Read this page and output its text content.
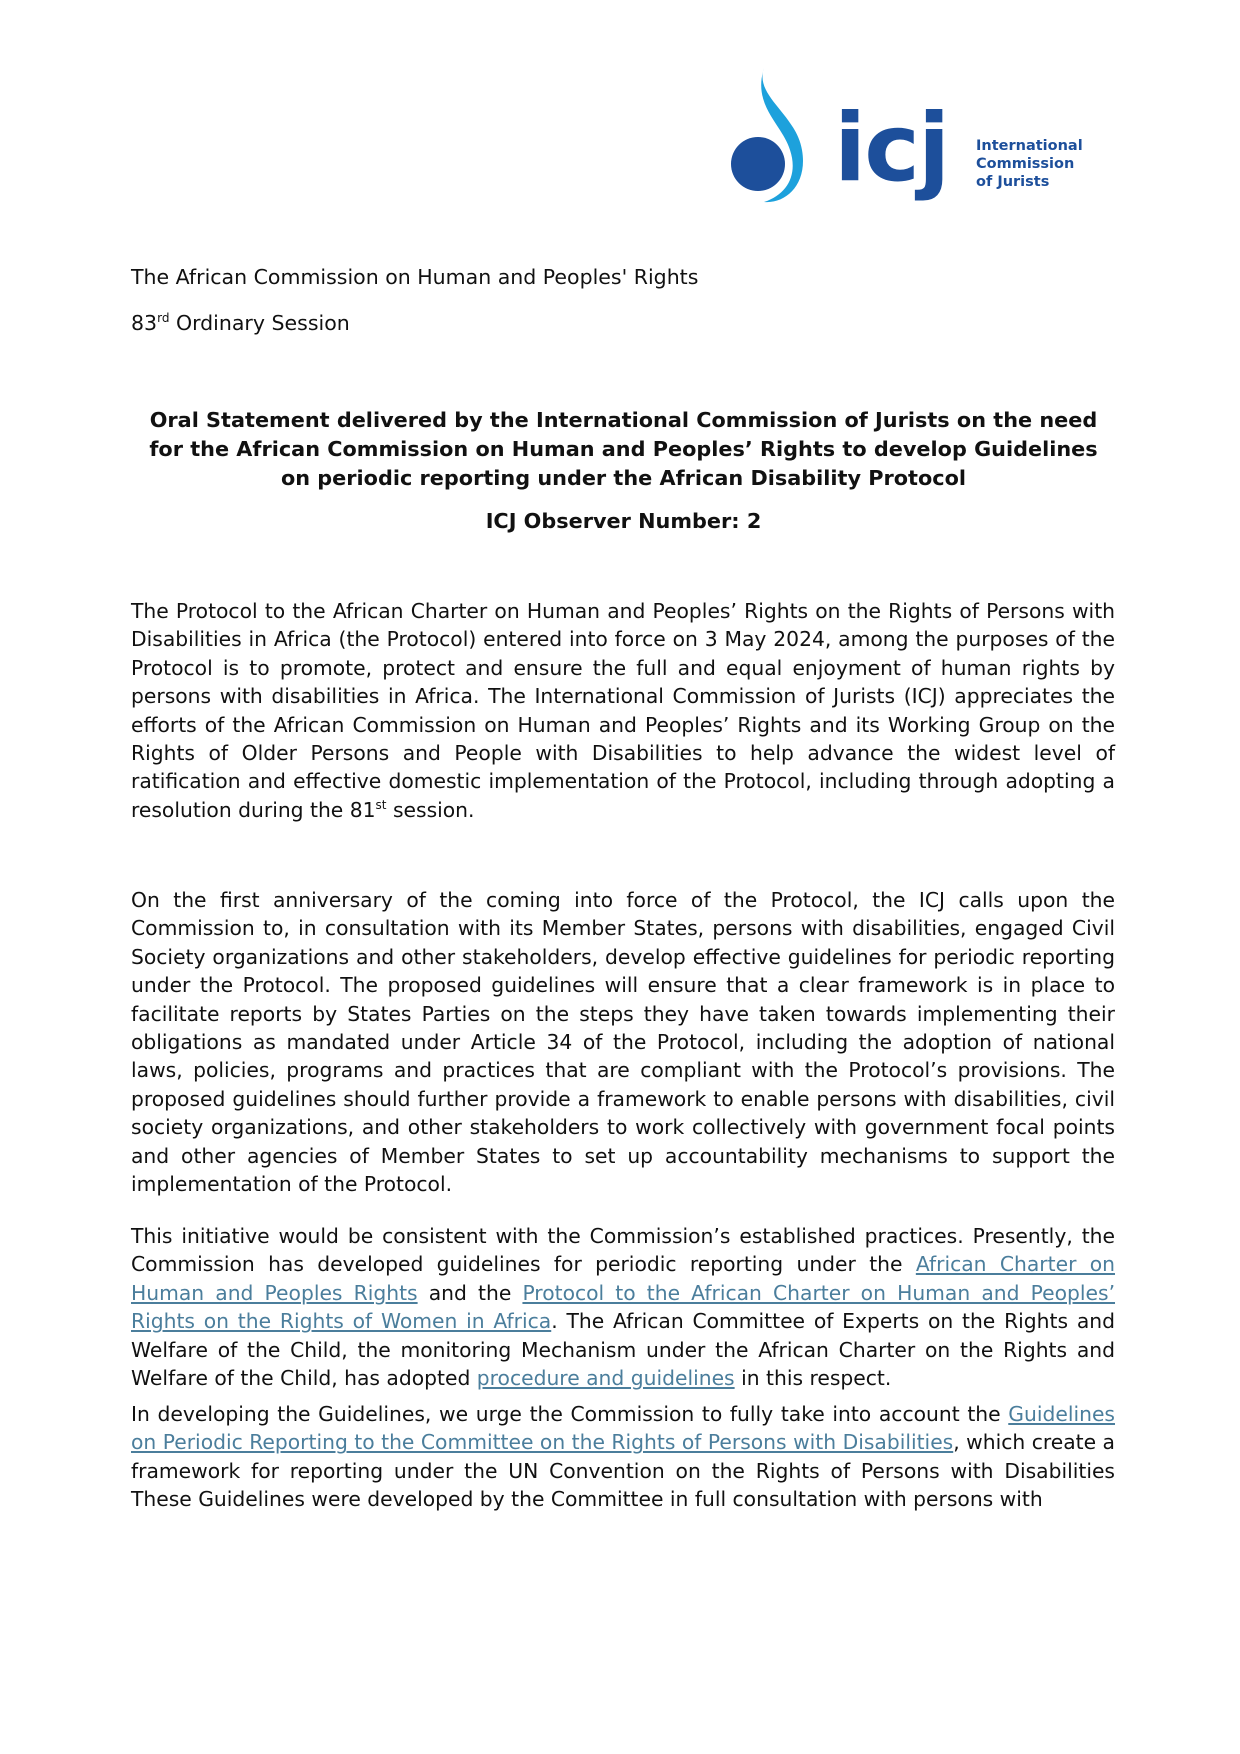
icj International
Commission
of Jurists
The African Commission on Human and Peoples' Rights
83rd Ordinary Session
Oral Statement delivered by the International Commission of Jurists on the need
for the African Commission on Human and Peoples’ Rights to develop Guidelines
on periodic reporting under the African Disability Protocol
ICJ Observer Number: 2
The Protocol to the African Charter on Human and Peoples’ Rights on the Rights of Persons with Disabilities in Africa (the Protocol) entered into force on 3 May 2024, among the purposes of the Protocol is to promote, protect and ensure the full and equal enjoyment of human rights by persons with disabilities in Africa. The International Commission of Jurists (ICJ) appreciates the efforts of the African Commission on Human and Peoples’ Rights and its Working Group on the Rights of Older Persons and People with Disabilities to help advance the widest level of ratification and effective domestic implementation of the Protocol, including through adopting a resolution during the 81st session.
On the first anniversary of the coming into force of the Protocol, the ICJ calls upon the Commission to, in consultation with its Member States, persons with disabilities, engaged Civil Society organizations and other stakeholders, develop effective guidelines for periodic reporting under the Protocol. The proposed guidelines will ensure that a clear framework is in place to facilitate reports by States Parties on the steps they have taken towards implementing their obligations as mandated under Article 34 of the Protocol, including the adoption of national laws, policies, programs and practices that are compliant with the Protocol’s provisions. The proposed guidelines should further provide a framework to enable persons with disabilities, civil society organizations, and other stakeholders to work collectively with government focal points and other agencies of Member States to set up accountability mechanisms to support the implementation of the Protocol.
This initiative would be consistent with the Commission’s established practices. Presently, the Commission has developed guidelines for periodic reporting under the African Charter on Human and Peoples Rights and the Protocol to the African Charter on Human and Peoples’ Rights on the Rights of Women in Africa. The African Committee of Experts on the Rights and Welfare of the Child, the monitoring Mechanism under the African Charter on the Rights and Welfare of the Child, has adopted procedure and guidelines in this respect.
In developing the Guidelines, we urge the Commission to fully take into account the Guidelines on Periodic Reporting to the Committee on the Rights of Persons with Disabilities, which create a framework for reporting under the UN Convention on the Rights of Persons with Disabilities These Guidelines were developed by the Committee in full consultation with persons with
